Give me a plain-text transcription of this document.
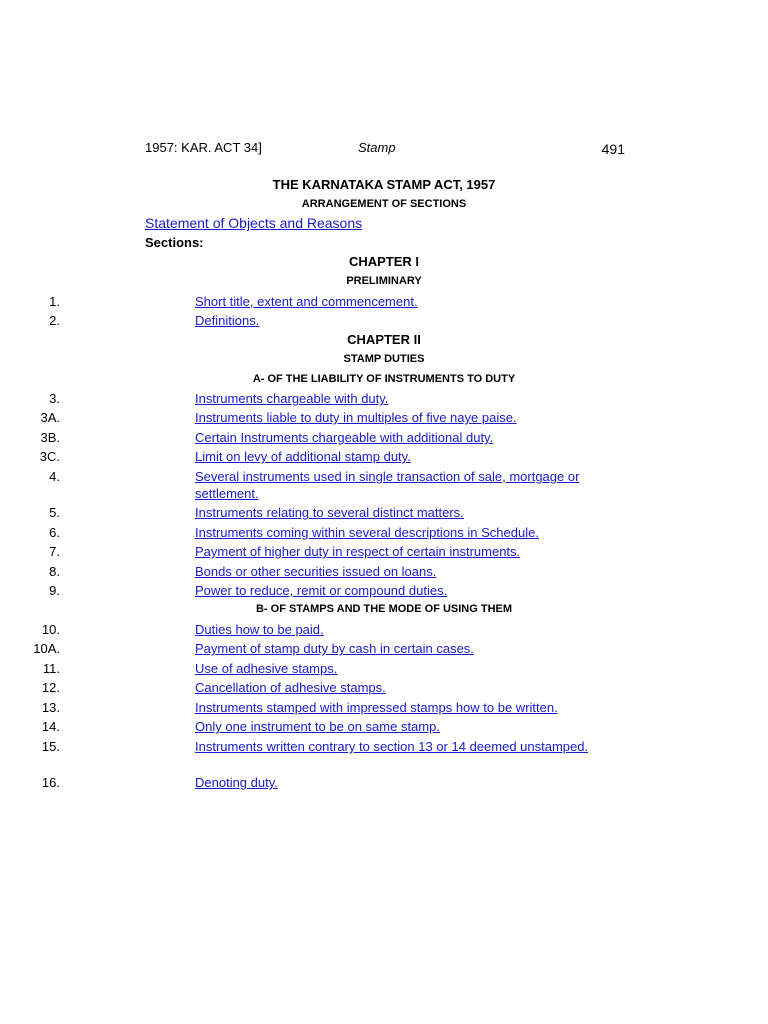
1957: KAR. ACT 34]	Stamp	491
THE KARNATAKA STAMP ACT, 1957
ARRANGEMENT OF SECTIONS
Statement of Objects and Reasons
Sections:
CHAPTER I
PRELIMINARY
1.	Short title, extent and commencement.
2.	Definitions.
CHAPTER II
STAMP DUTIES
A- OF THE LIABILITY OF INSTRUMENTS TO DUTY
3.	Instruments chargeable with duty.
3A.	Instruments liable to duty in multiples of five naye paise.
3B.	Certain Instruments chargeable with additional duty.
3C.	Limit on levy of additional stamp duty.
4.	Several instruments used in single transaction of sale, mortgage or settlement.
5.	Instruments relating to several distinct matters.
6.	Instruments coming within several descriptions in Schedule.
7.	Payment of higher duty in respect of certain instruments.
8.	Bonds or other securities issued on loans.
9.	Power to reduce, remit or compound duties.
B- OF STAMPS AND THE MODE OF USING THEM
10.	Duties how to be paid.
10A.	Payment of stamp duty by cash in certain cases.
11.	Use of adhesive stamps.
12.	Cancellation of adhesive stamps.
13.	Instruments stamped with impressed stamps how to be written.
14.	Only one instrument to be on same stamp.
15.	Instruments written contrary to section 13 or 14 deemed unstamped.
16.	Denoting duty.
